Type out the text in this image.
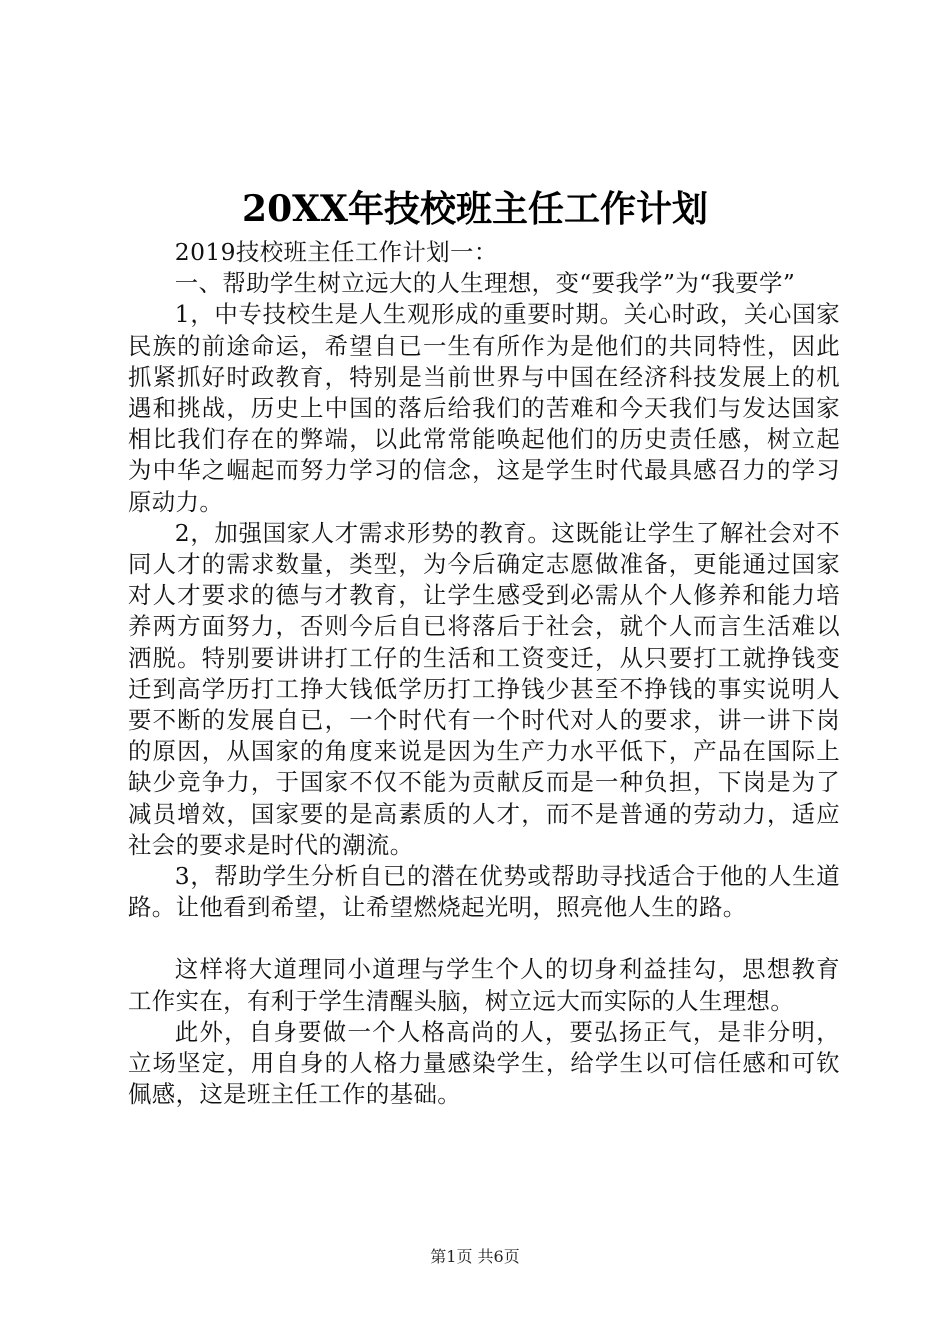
20XX年技校班主任工作计划

2019技校班主任工作计划一：

一、帮助学生树立远大的人生理想，变“要我学”为“我要学”

1，中专技校生是人生观形成的重要时期。关心时政，关心国家民族的前途命运，希望自已一生有所作为是他们的共同特性，因此抓紧抓好时政教育，特别是当前世界与中国在经济科技发展上的机遇和挑战，历史上中国的落后给我们的苦难和今天我们与发达国家相比我们存在的弊端，以此常常能唤起他们的历史责任感，树立起为中华之崛起而努力学习的信念，这是学生时代最具感召力的学习原动力。

2，加强国家人才需求形势的教育。这既能让学生了解社会对不同人才的需求数量，类型，为今后确定志愿做准备，更能通过国家对人才要求的德与才教育，让学生感受到必需从个人修养和能力培养两方面努力，否则今后自已将落后于社会，就个人而言生活难以洒脱。特别要讲讲打工仔的生活和工资变迁，从只要打工就挣钱变迁到高学历打工挣大钱低学历打工挣钱少甚至不挣钱的事实说明人要不断的发展自已，一个时代有一个时代对人的要求，讲一讲下岗的原因，从国家的角度来说是因为生产力水平低下，产品在国际上缺少竞争力，于国家不仅不能为贡献反而是一种负担，下岗是为了减员增效，国家要的是高素质的人才，而不是普通的劳动力，适应社会的要求是时代的潮流。

3，帮助学生分析自已的潜在优势或帮助寻找适合于他的人生道路。让他看到希望，让希望燃烧起光明，照亮他人生的路。

这样将大道理同小道理与学生个人的切身利益挂勾，思想教育工作实在，有利于学生清醒头脑，树立远大而实际的人生理想。

此外，自身要做一个人格高尚的人，要弘扬正气，是非分明，立场坚定，用自身的人格力量感染学生，给学生以可信任感和可钦佩感，这是班主任工作的基础。

第1页 共6页
